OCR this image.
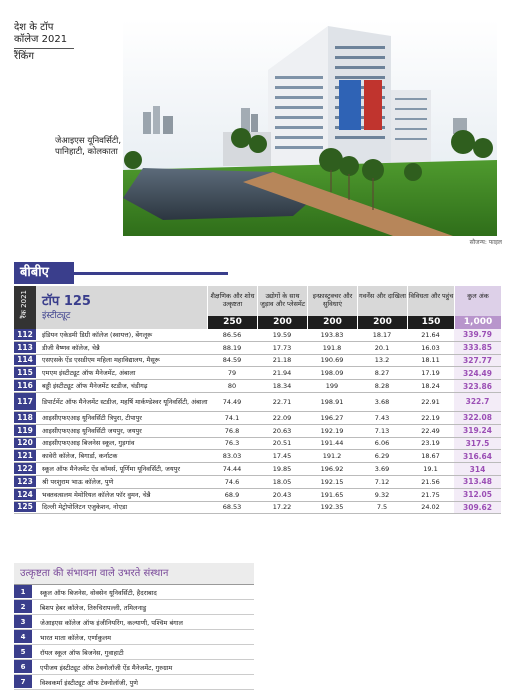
देश के टॉप
कॉलेज 2021
रैंकिंग
जेआइएस यूनिवर्सिटी, पानिहाटी, कोलकाता
सौजन्य: फाइल
बीबीए
रैंक 2021 टॉप 125
इंस्टीट्यूट
शैक्षणिक और शोध उत्कृष्टता
250
उद्योगों के साथ जुड़ाव और प्लेसमेंट
200
इन्फ्रास्ट्रक्चर और सुविधाएं
200
गवर्नेंस और दाखिला
200
विविधता और पहुंच
150
कुल अंक
1,000
112	इंडियन एकेडमी डिग्री कॉलेज (स्वायत्त), बेंगलूरू	86.56	19.59	193.83	18.17	21.64	339.79
113	डीजी वैष्णव कॉलेज, चेन्नै	88.19	17.73	191.8	20.1	16.03	333.85
114	एसएसके ऐंड एसडीएम महिला महाविद्यालय, मैसूरू	84.59	21.18	190.69	13.2	18.11	327.77
115	एमएम इंस्टीट्यूट ऑफ मैनेजमेंट, अंबाला	79	21.94	198.09	8.27	17.19	324.49
116	बड्डी इंस्टीट्यूट ऑफ मैनेजमेंट स्टडीज, चंडीगढ़	80	18.34	199	8.28	18.24	323.86
117	डिपार्टमेंट ऑफ मैनेजमेंट स्टडीज, महर्षि मार्कण्डेश्वर यूनिवर्सिटी, अंबाला	74.49	22.71	198.91	3.68	22.91	322.7
118	आइसीएफएआइ यूनिवर्सिटी त्रिपुरा, टीपापुर	74.1	22.09	196.27	7.43	22.19	322.08
119	आइसीएफएआइ यूनिवर्सिटी जयपुर, जयपुर	76.8	20.63	192.19	7.13	22.49	319.24
120	आइसीएफएआइ बिजनेस स्कूल, गुड़गांव	76.3	20.51	191.44	6.06	23.19	317.5
121	कावेरी कॉलेज, बिगार्डा, कर्नाटक	83.03	17.45	191.2	6.29	18.67	316.64
122	स्कूल ऑफ मैनेजमेंट ऐंड कॉमर्स, पूर्णिमा यूनिवर्सिटी, जयपुर	74.44	19.85	196.92	3.69	19.1	314
123	श्री परशुराम भाऊ कॉलेज, पुणे	74.6	18.05	192.15	7.12	21.56	313.48
124	भक्तवत्सलम मेमोरियल कॉलेज फॉर वुमन, चेन्नै	68.9	20.43	191.65	9.32	21.75	312.05
125	दिल्ली मेट्रोपोलिटन एजुकेशन, नोएडा	68.53	17.22	192.35	7.5	24.02	309.62
उत्कृष्टता की संभावना वाले उभरते संस्थान
1	स्कूल ऑफ बिजनेस, वोक्सेन यूनिवर्सिटी, हैदराबाद
2	बिशप हेबर कॉलेज, तिरुचिरापल्ली, तमिलनाडु
3	जेआइएस कॉलेज ऑफ इंजीनियरिंग, कल्याणी, पश्चिम बंगाल
4	भारत माता कॉलेज, एर्णाकुलम
5	रॉयल स्कूल ऑफ बिजनेस, गुवाहाटी
6	एपीजय इंस्टीट्यूट ऑफ टेक्नोलॉजी ऐंड मैनेजमेंट, गुरुग्राम
7	विश्वकर्मा इंस्टीट्यूट ऑफ टेक्नोलॉजी, पुणे
